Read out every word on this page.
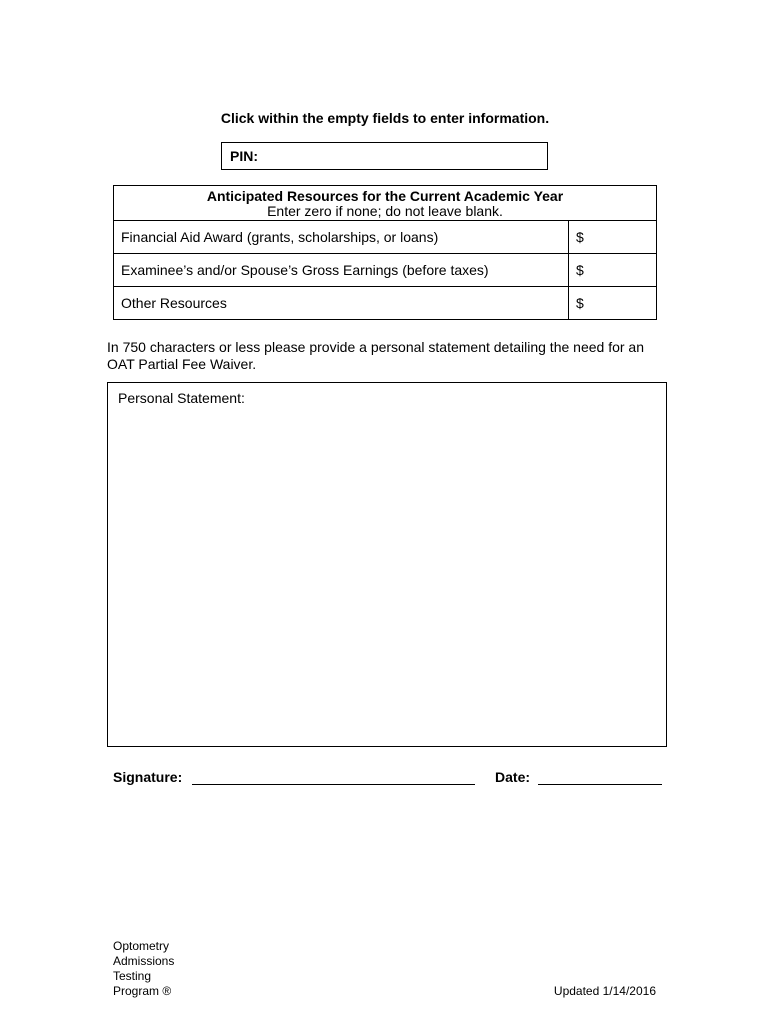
Click within the empty fields to enter information.
PIN:
Anticipated Resources for the Current Academic Year
Enter zero if none; do not leave blank.	

Financial Aid Award (grants, scholarships, or loans)	$
Examinee’s and/or Spouse’s Gross Earnings (before taxes)	$
Other Resources	$
In 750 characters or less please provide a personal statement detailing the need for an OAT Partial Fee Waiver.
Personal Statement:
Signature:	Date:
Optometry
Admissions
Testing
Program ®	Updated 1/14/2016
